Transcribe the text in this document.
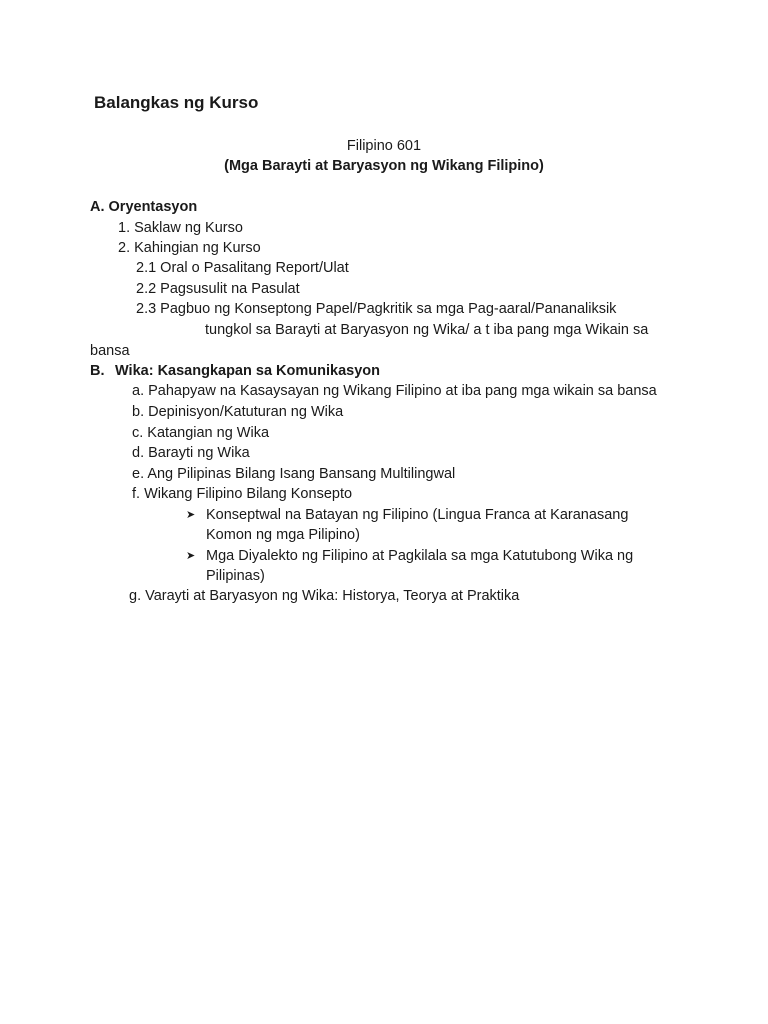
Balangkas ng Kurso
Filipino 601
(Mga Barayti at Baryasyon ng Wikang Filipino)
A. Oryentasyon
1. Saklaw ng Kurso
2. Kahingian ng Kurso
2.1 Oral o Pasalitang Report/Ulat
2.2 Pagsusulit na Pasulat
2.3 Pagbuo ng Konseptong Papel/Pagkritik sa mga Pag-aaral/Pananaliksik
tungkol sa Barayti at Baryasyon ng Wika/ a t iba pang mga Wikain sa
bansa
B. Wika: Kasangkapan sa Komunikasyon
a. Pahapyaw na Kasaysayan ng Wikang Filipino at iba pang mga wikain sa bansa
b. Depinisyon/Katuturan ng Wika
c. Katangian ng Wika
d. Barayti ng Wika
e. Ang Pilipinas Bilang Isang Bansang Multilingwal
f. Wikang Filipino Bilang Konsepto
➤ Konseptwal na Batayan ng Filipino (Lingua Franca at Karanasang
Komon ng mga Pilipino)
➤ Mga Diyalekto ng Filipino at Pagkilala sa mga Katutubong Wika ng
Pilipinas)
g. Varayti at Baryasyon ng Wika: Historya, Teorya at Praktika
